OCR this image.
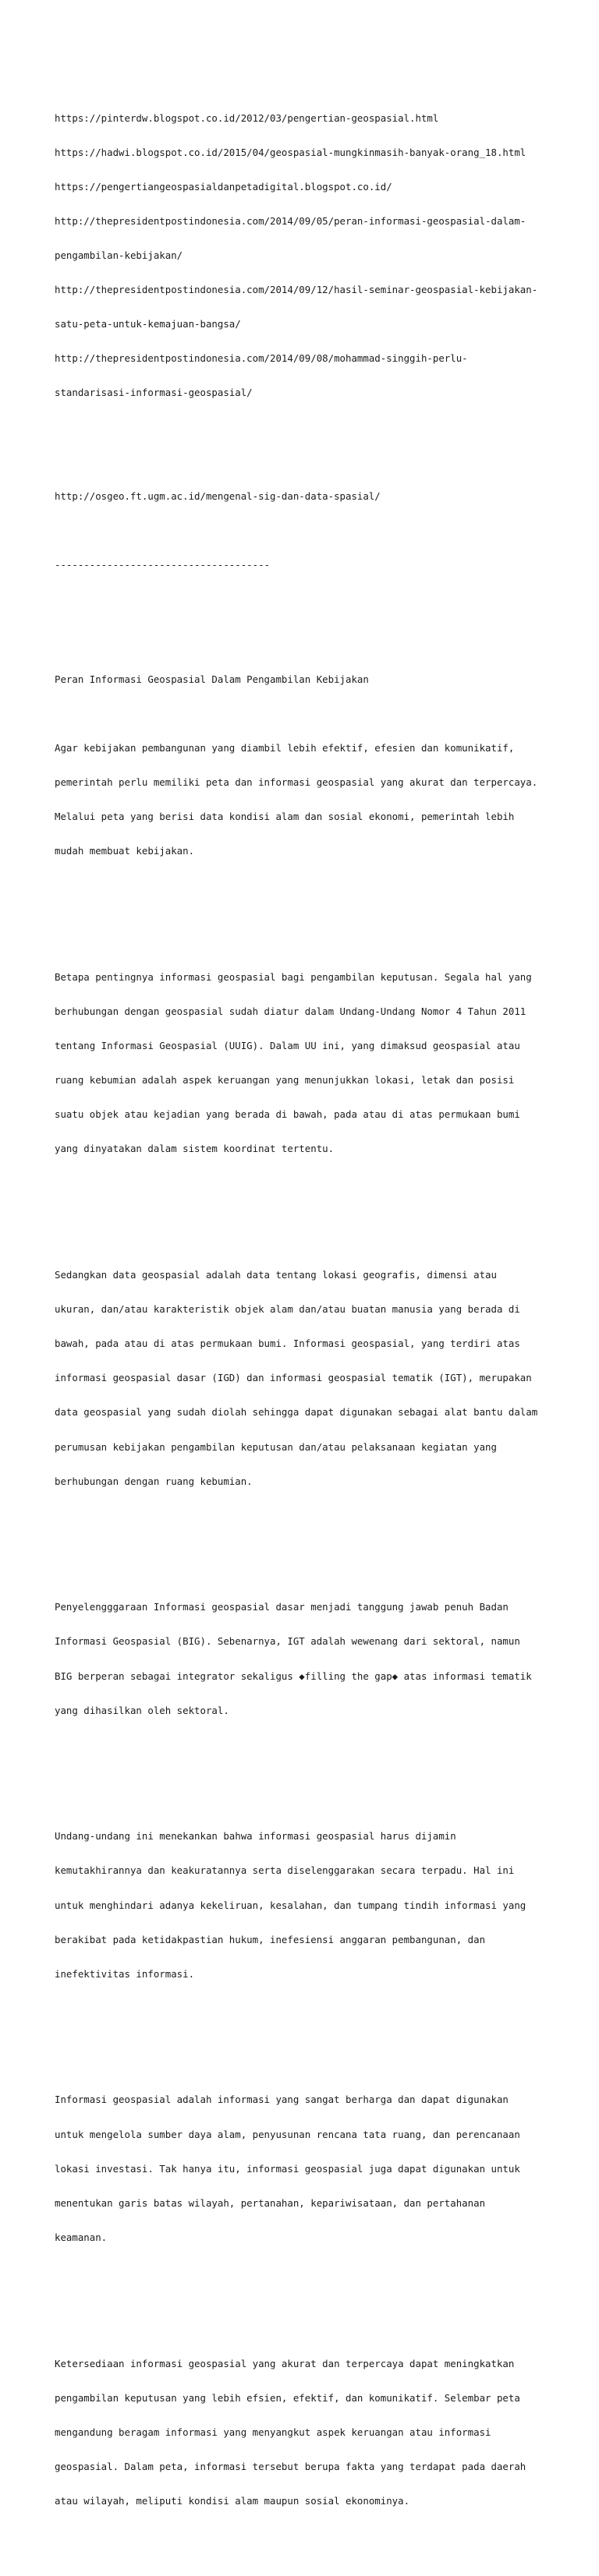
https://pinterdw.blogspot.co.id/2012/03/pengertian-geospasial.html

https://hadwi.blogspot.co.id/2015/04/geospasial-mungkinmasih-banyak-orang_18.html

https://pengertiangeospasialdanpetadigital.blogspot.co.id/

http://thepresidentpostindonesia.com/2014/09/05/peran-informasi-geospasial-dalam-

pengambilan-kebijakan/

http://thepresidentpostindonesia.com/2014/09/12/hasil-seminar-geospasial-kebijakan-

satu-peta-untuk-kemajuan-bangsa/

http://thepresidentpostindonesia.com/2014/09/08/mohammad-singgih-perlu-

standarisasi-informasi-geospasial/

http://osgeo.ft.ugm.ac.id/mengenal-sig-dan-data-spasial/

-------------------------------------

Peran Informasi Geospasial Dalam Pengambilan Kebijakan

Agar kebijakan pembangunan yang diambil lebih efektif, efesien dan komunikatif,

pemerintah perlu memiliki peta dan informasi geospasial yang akurat dan terpercaya.

Melalui peta yang berisi data kondisi alam dan sosial ekonomi, pemerintah lebih

mudah membuat kebijakan.

Betapa pentingnya informasi geospasial bagi pengambilan keputusan. Segala hal yang

berhubungan dengan geospasial sudah diatur dalam Undang-Undang Nomor 4 Tahun 2011

tentang Informasi Geospasial (UUIG). Dalam UU ini, yang dimaksud geospasial atau

ruang kebumian adalah aspek keruangan yang menunjukkan lokasi, letak dan posisi

suatu objek atau kejadian yang berada di bawah, pada atau di atas permukaan bumi

yang dinyatakan dalam sistem koordinat tertentu.

Sedangkan data geospasial adalah data tentang lokasi geografis, dimensi atau

ukuran, dan/atau karakteristik objek alam dan/atau buatan manusia yang berada di

bawah, pada atau di atas permukaan bumi. Informasi geospasial, yang terdiri atas

informasi geospasial dasar (IGD) dan informasi geospasial tematik (IGT), merupakan

data geospasial yang sudah diolah sehingga dapat digunakan sebagai alat bantu dalam

perumusan kebijakan pengambilan keputusan dan/atau pelaksanaan kegiatan yang

berhubungan dengan ruang kebumian.

Penyelengggaraan Informasi geospasial dasar menjadi tanggung jawab penuh Badan

Informasi Geospasial (BIG). Sebenarnya, IGT adalah wewenang dari sektoral, namun

BIG berperan sebagai integrator sekaligus ◆filling the gap◆ atas informasi tematik

yang dihasilkan oleh sektoral.

Undang-undang ini menekankan bahwa informasi geospasial harus dijamin

kemutakhirannya dan keakuratannya serta diselenggarakan secara terpadu. Hal ini

untuk menghindari adanya kekeliruan, kesalahan, dan tumpang tindih informasi yang

berakibat pada ketidakpastian hukum, inefesiensi anggaran pembangunan, dan

inefektivitas informasi.

Informasi geospasial adalah informasi yang sangat berharga dan dapat digunakan

untuk mengelola sumber daya alam, penyusunan rencana tata ruang, dan perencanaan

lokasi investasi. Tak hanya itu, informasi geospasial juga dapat digunakan untuk

menentukan garis batas wilayah, pertanahan, kepariwisataan, dan pertahanan

keamanan.

Ketersediaan informasi geospasial yang akurat dan terpercaya dapat meningkatkan

pengambilan keputusan yang lebih efsien, efektif, dan komunikatif. Selembar peta

mengandung beragam informasi yang menyangkut aspek keruangan atau informasi

geospasial. Dalam peta, informasi tersebut berupa fakta yang terdapat pada daerah

atau wilayah, meliputi kondisi alam maupun sosial ekonominya.
